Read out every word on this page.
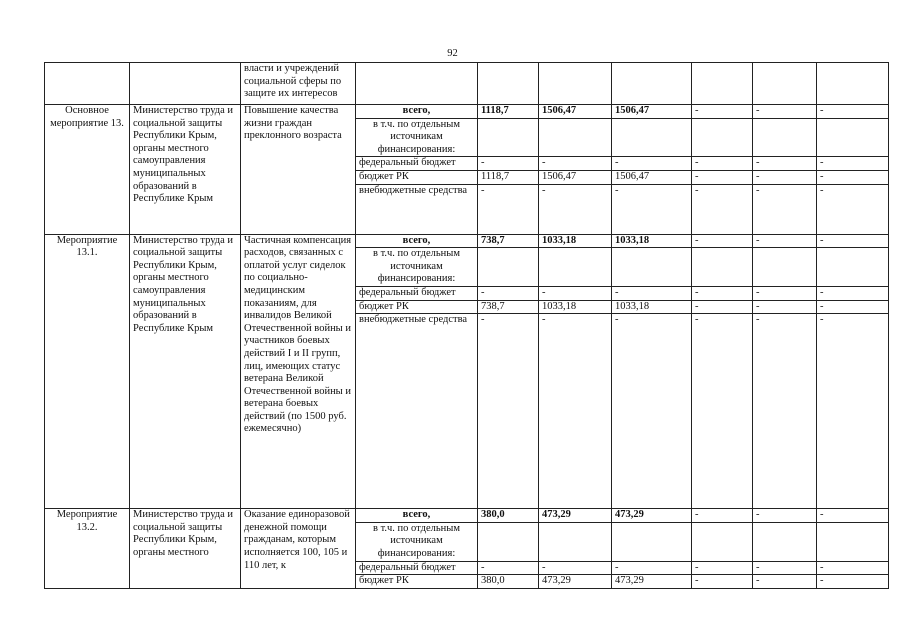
92
		власти и учреждений социальной сферы по защите их интересов							
Основное мероприятие 13.	Министерство труда и социальной защиты Республики Крым, органы местного самоуправления муниципальных образований в Республике Крым	Повышение качества жизни граждан преклонного возраста	всего,	1118,7	1506,47	1506,47	-	-	-
			в т.ч. по отдельным источникам финансирования:						
			федеральный бюджет	-	-	-	-	-	-
			бюджет РК	1118,7	1506,47	1506,47	-	-	-
			внебюджетные средства	-	-	-	-	-	-
Мероприятие 13.1.	Министерство труда и социальной защиты Республики Крым, органы местного самоуправления муниципальных образований в Республике Крым	Частичная компенсация расходов, связанных с оплатой услуг сиделок по социально-медицинским показаниям, для инвалидов Великой Отечественной войны и участников боевых действий I и II групп, лиц, имеющих статус ветерана Великой Отечественной войны и ветерана боевых действий (по 1500 руб. ежемесячно)	всего,	738,7	1033,18	1033,18	-	-	-
			в т.ч. по отдельным источникам финансирования:						
			федеральный бюджет	-	-	-	-	-	-
			бюджет РК	738,7	1033,18	1033,18	-	-	-
			внебюджетные средства	-	-	-	-	-	-
Мероприятие 13.2.	Министерство труда и социальной защиты Республики Крым, органы местного	Оказание единоразовой денежной помощи гражданам, которым исполняется 100, 105 и 110 лет, к	всего,	380,0	473,29	473,29	-	-	-
			в т.ч. по отдельным источникам финансирования:						
			федеральный бюджет	-	-	-	-	-	-
			бюджет РК	380,0	473,29	473,29	-	-	-
